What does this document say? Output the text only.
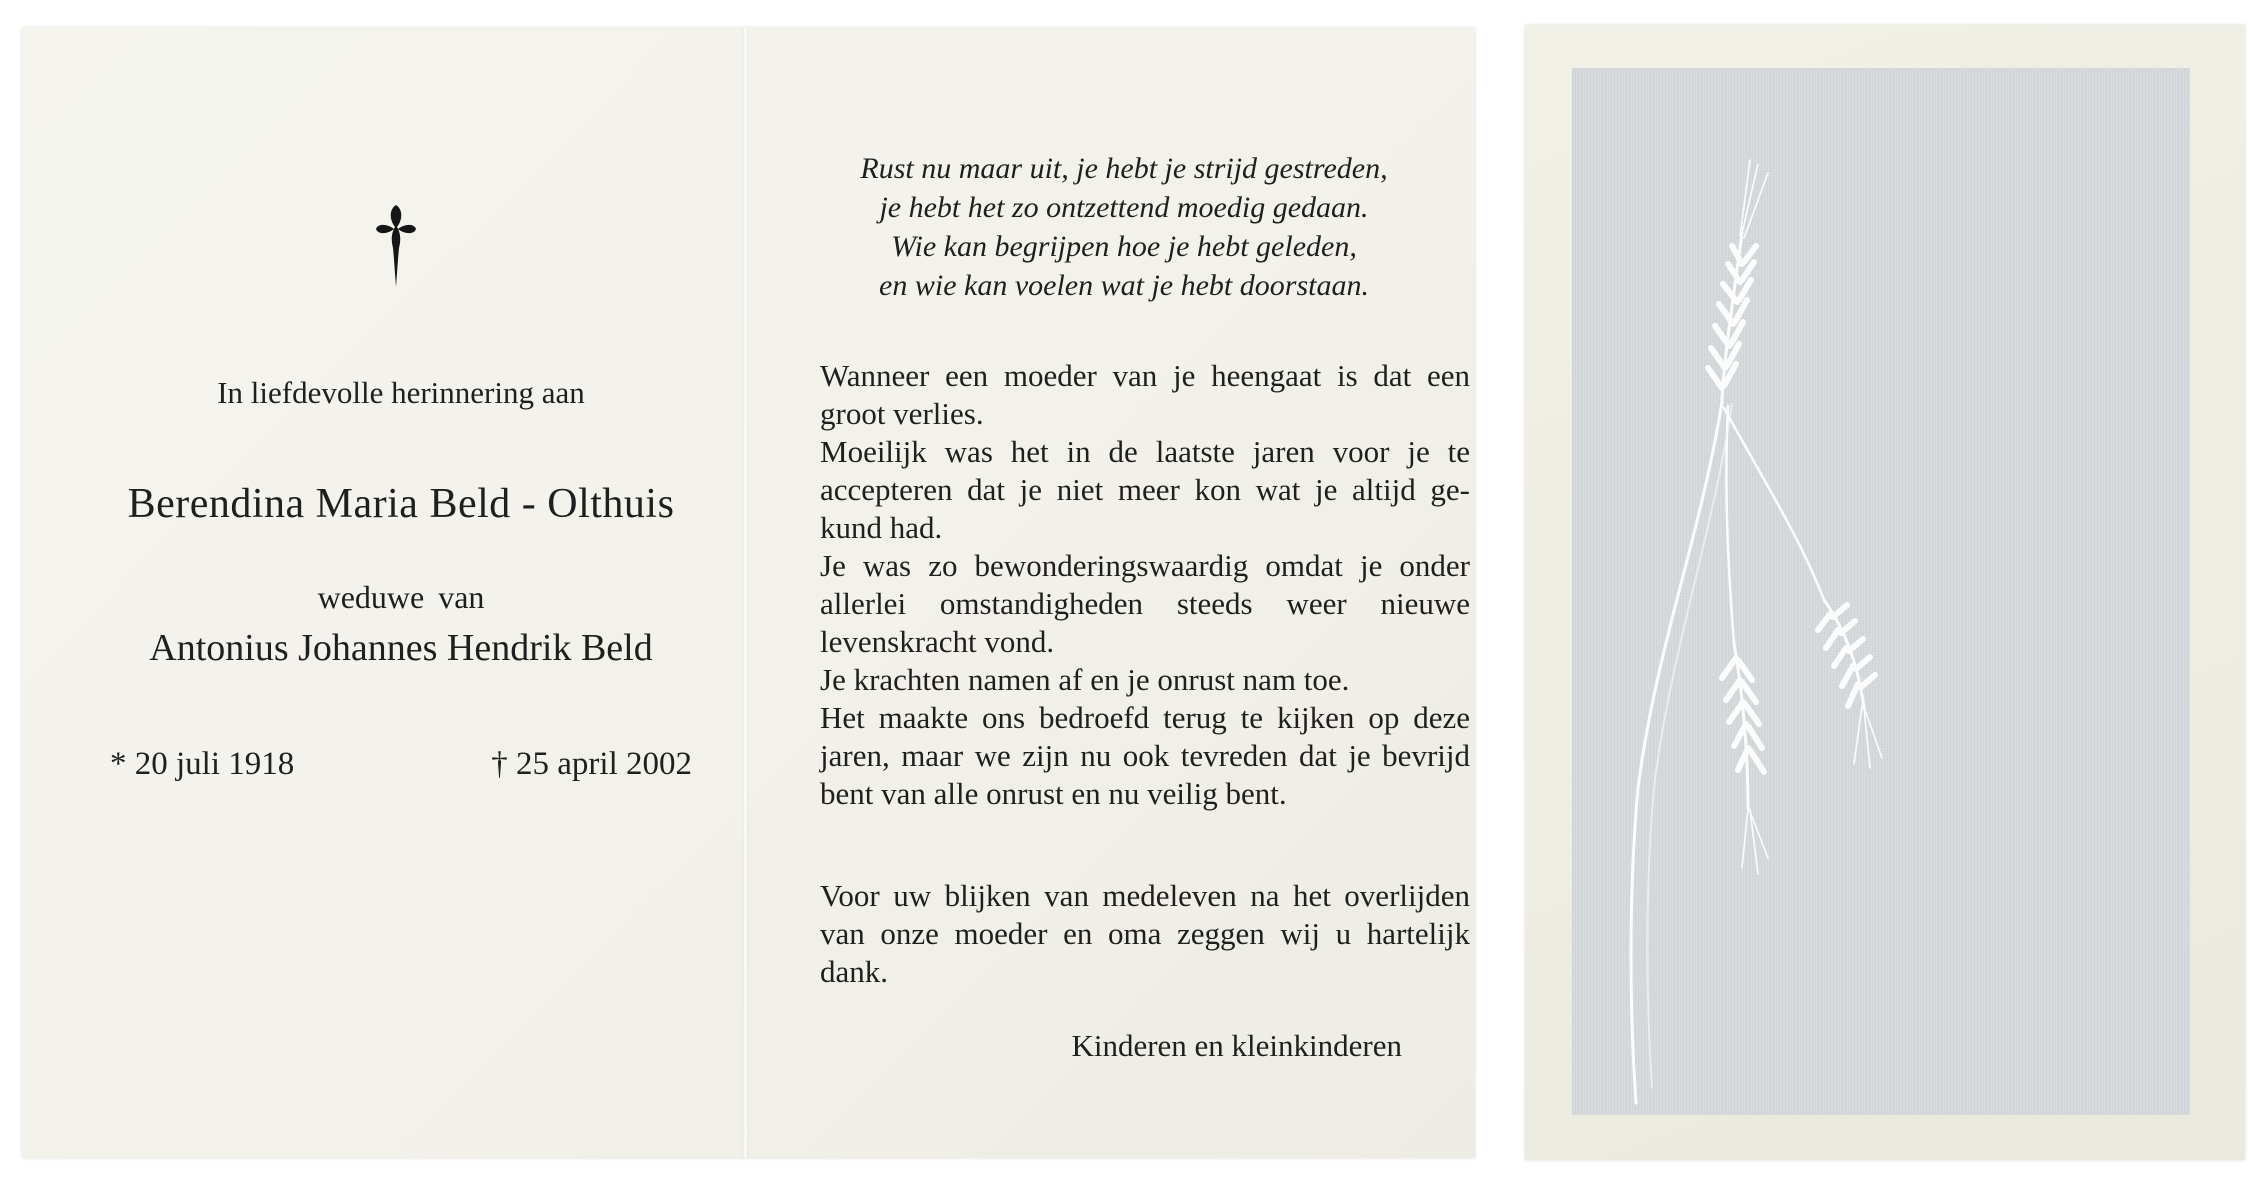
In liefdevolle herinnering aan
Berendina Maria Beld - Olthuis
weduwe van
Antonius Johannes Hendrik Beld
* 20 juli 1918	† 25 april 2002
Rust nu maar uit, je hebt je strijd gestreden,
je hebt het zo ontzettend moedig gedaan.
Wie kan begrijpen hoe je hebt geleden,
en wie kan voelen wat je hebt doorstaan.
Wanneer een moeder van je heengaat is dat een
groot verlies.
Moeilijk was het in de laatste jaren voor je te
accepteren dat je niet meer kon wat je altijd ge-
kund had.
Je was zo bewonderingswaardig omdat je onder
allerlei omstandigheden steeds weer nieuwe
levenskracht vond.
Je krachten namen af en je onrust nam toe.
Het maakte ons bedroefd terug te kijken op deze
jaren, maar we zijn nu ook tevreden dat je bevrijd
bent van alle onrust en nu veilig bent.
Voor uw blijken van medeleven na het overlijden
van onze moeder en oma zeggen wij u hartelijk
dank.
Kinderen en kleinkinderen
